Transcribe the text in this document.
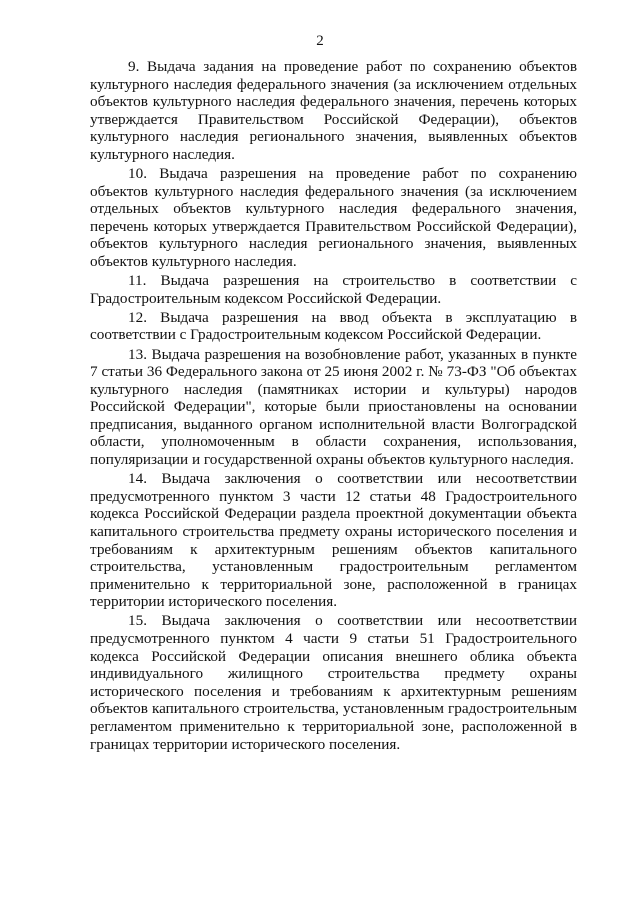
2

9. Выдача задания на проведение работ по сохранению объектов культурного наследия федерального значения (за исключением отдельных объектов культурного наследия федерального значения, перечень которых утверждается Правительством Российской Федерации), объектов культурного наследия регионального значения, выявленных объектов культурного наследия.

10. Выдача разрешения на проведение работ по сохранению объектов культурного наследия федерального значения (за исключением отдельных объектов культурного наследия федерального значения, перечень которых утверждается Правительством Российской Федерации), объектов культурного наследия регионального значения, выявленных объектов культурного наследия.

11. Выдача разрешения на строительство в соответствии с Градостроительным кодексом Российской Федерации.

12. Выдача разрешения на ввод объекта в эксплуатацию в соответствии с Градостроительным кодексом Российской Федерации.

13. Выдача разрешения на возобновление работ, указанных в пункте 7 статьи 36 Федерального закона от 25 июня 2002 г. № 73-ФЗ "Об объектах культурного наследия (памятниках истории и культуры) народов Российской Федерации", которые были приостановлены на основании предписания, выданного органом исполнительной власти Волгоградской области, уполномоченным в области сохранения, использования, популяризации и государственной охраны объектов культурного наследия.

14. Выдача заключения о соответствии или несоответствии предусмотренного пунктом 3 части 12 статьи 48 Градостроительного кодекса Российской Федерации раздела проектной документации объекта капитального строительства предмету охраны исторического поселения и требованиям к архитектурным решениям объектов капитального строительства, установленным градостроительным регламентом применительно к территориальной зоне, расположенной в границах территории исторического поселения.

15. Выдача заключения о соответствии или несоответствии предусмотренного пунктом 4 части 9 статьи 51 Градостроительного кодекса Российской Федерации описания внешнего облика объекта индивидуального жилищного строительства предмету охраны исторического поселения и требованиям к архитектурным решениям объектов капитального строительства, установленным градостроительным регламентом применительно к территориальной зоне, расположенной в границах территории исторического поселения.
